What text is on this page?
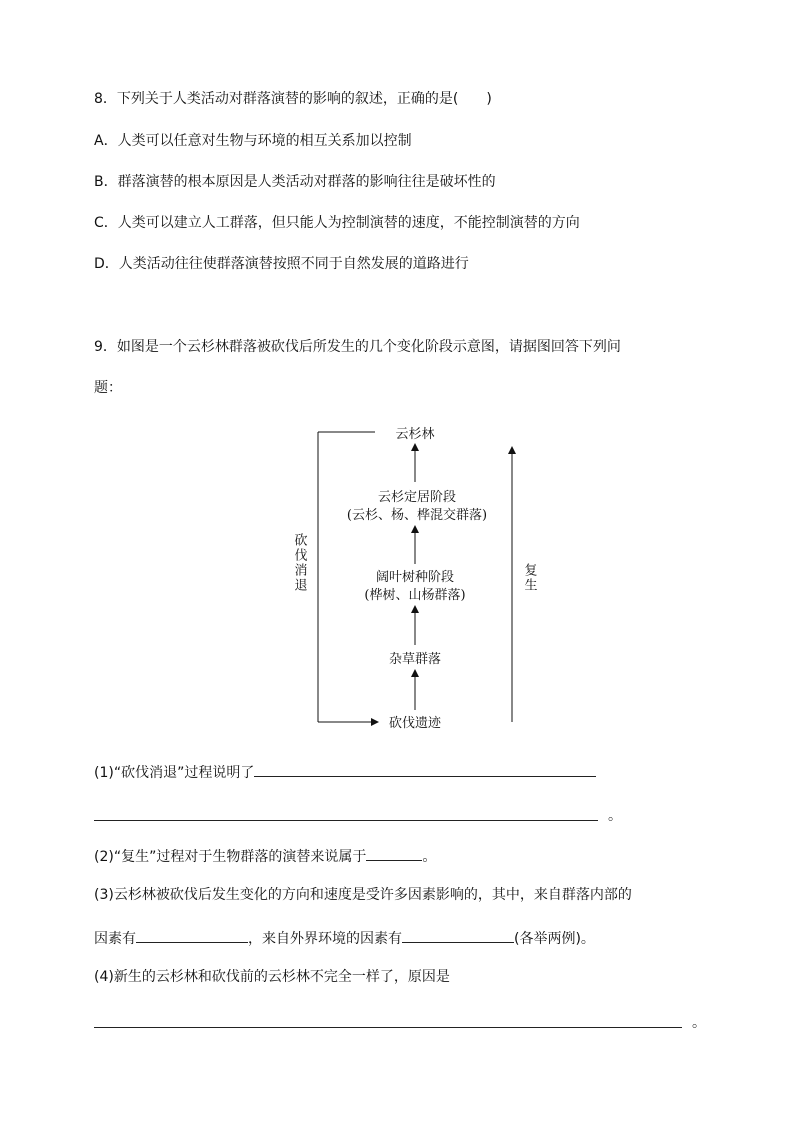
8．下列关于人类活动对群落演替的影响的叙述，正确的是(　　)
A．人类可以任意对生物与环境的相互关系加以控制
B．群落演替的根本原因是人类活动对群落的影响往往是破坏性的
C．人类可以建立人工群落，但只能人为控制演替的速度，不能控制演替的方向
D．人类活动往往使群落演替按照不同于自然发展的道路进行
9．如图是一个云杉林群落被砍伐后所发生的几个变化阶段示意图，请据图回答下列问
题：
云杉林
云杉定居阶段
(云杉、杨、桦混交群落)
阔叶树种阶段
(桦树、山杨群落)
杂草群落
砍伐遗迹
砍伐消退	复生
(1)“砍伐消退”过程说明了
。
(2)“复生”过程对于生物群落的演替来说属于	。
(3)云杉林被砍伐后发生变化的方向和速度是受许多因素影响的，其中，来自群落内部的
因素有	，来自外界环境的因素有	(各举两例)。
(4)新生的云杉林和砍伐前的云杉林不完全一样了，原因是
。
